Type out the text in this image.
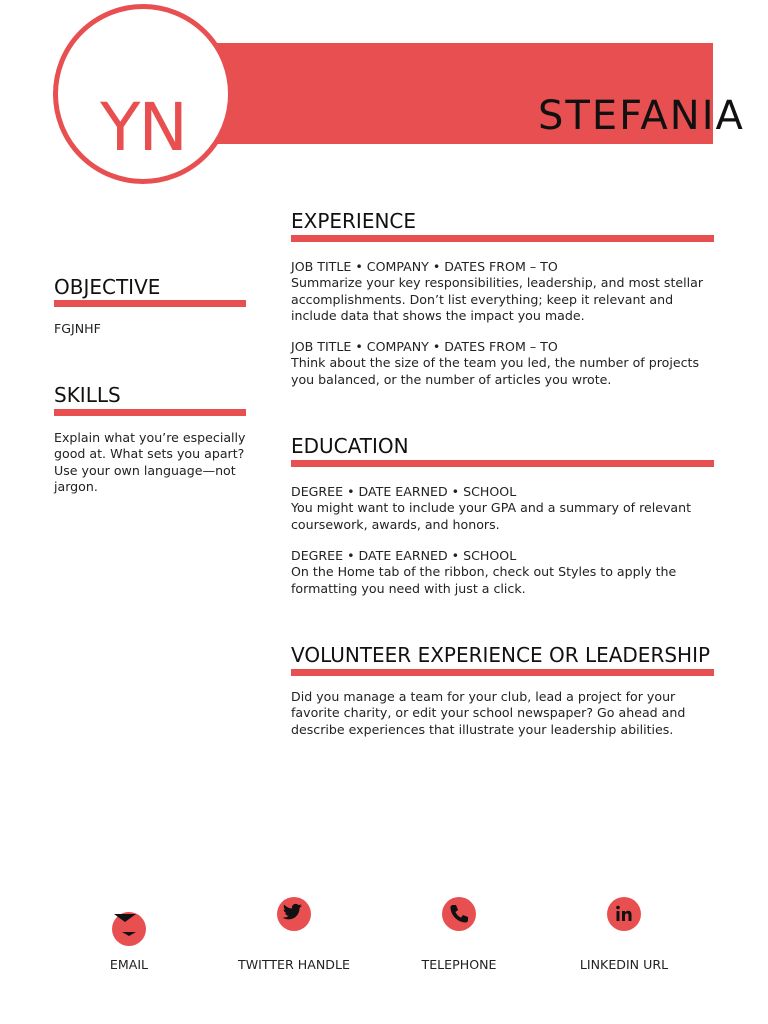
STEFANIA
YN
OBJECTIVE
FGJNHF
SKILLS
Explain what you’re especially
good at. What sets you apart?
Use your own language—not
jargon.
EXPERIENCE
JOB TITLE • COMPANY • DATES FROM – TO
Summarize your key responsibilities, leadership, and most stellar
accomplishments. Don’t list everything; keep it relevant and
include data that shows the impact you made.
JOB TITLE • COMPANY • DATES FROM – TO
Think about the size of the team you led, the number of projects
you balanced, or the number of articles you wrote.
EDUCATION
DEGREE • DATE EARNED • SCHOOL
You might want to include your GPA and a summary of relevant
coursework, awards, and honors.
DEGREE • DATE EARNED • SCHOOL
On the Home tab of the ribbon, check out Styles to apply the
formatting you need with just a click.
VOLUNTEER EXPERIENCE OR LEADERSHIP
Did you manage a team for your club, lead a project for your
favorite charity, or edit your school newspaper? Go ahead and
describe experiences that illustrate your leadership abilities.
EMAIL	TWITTER HANDLE	TELEPHONE	LINKEDIN URL
